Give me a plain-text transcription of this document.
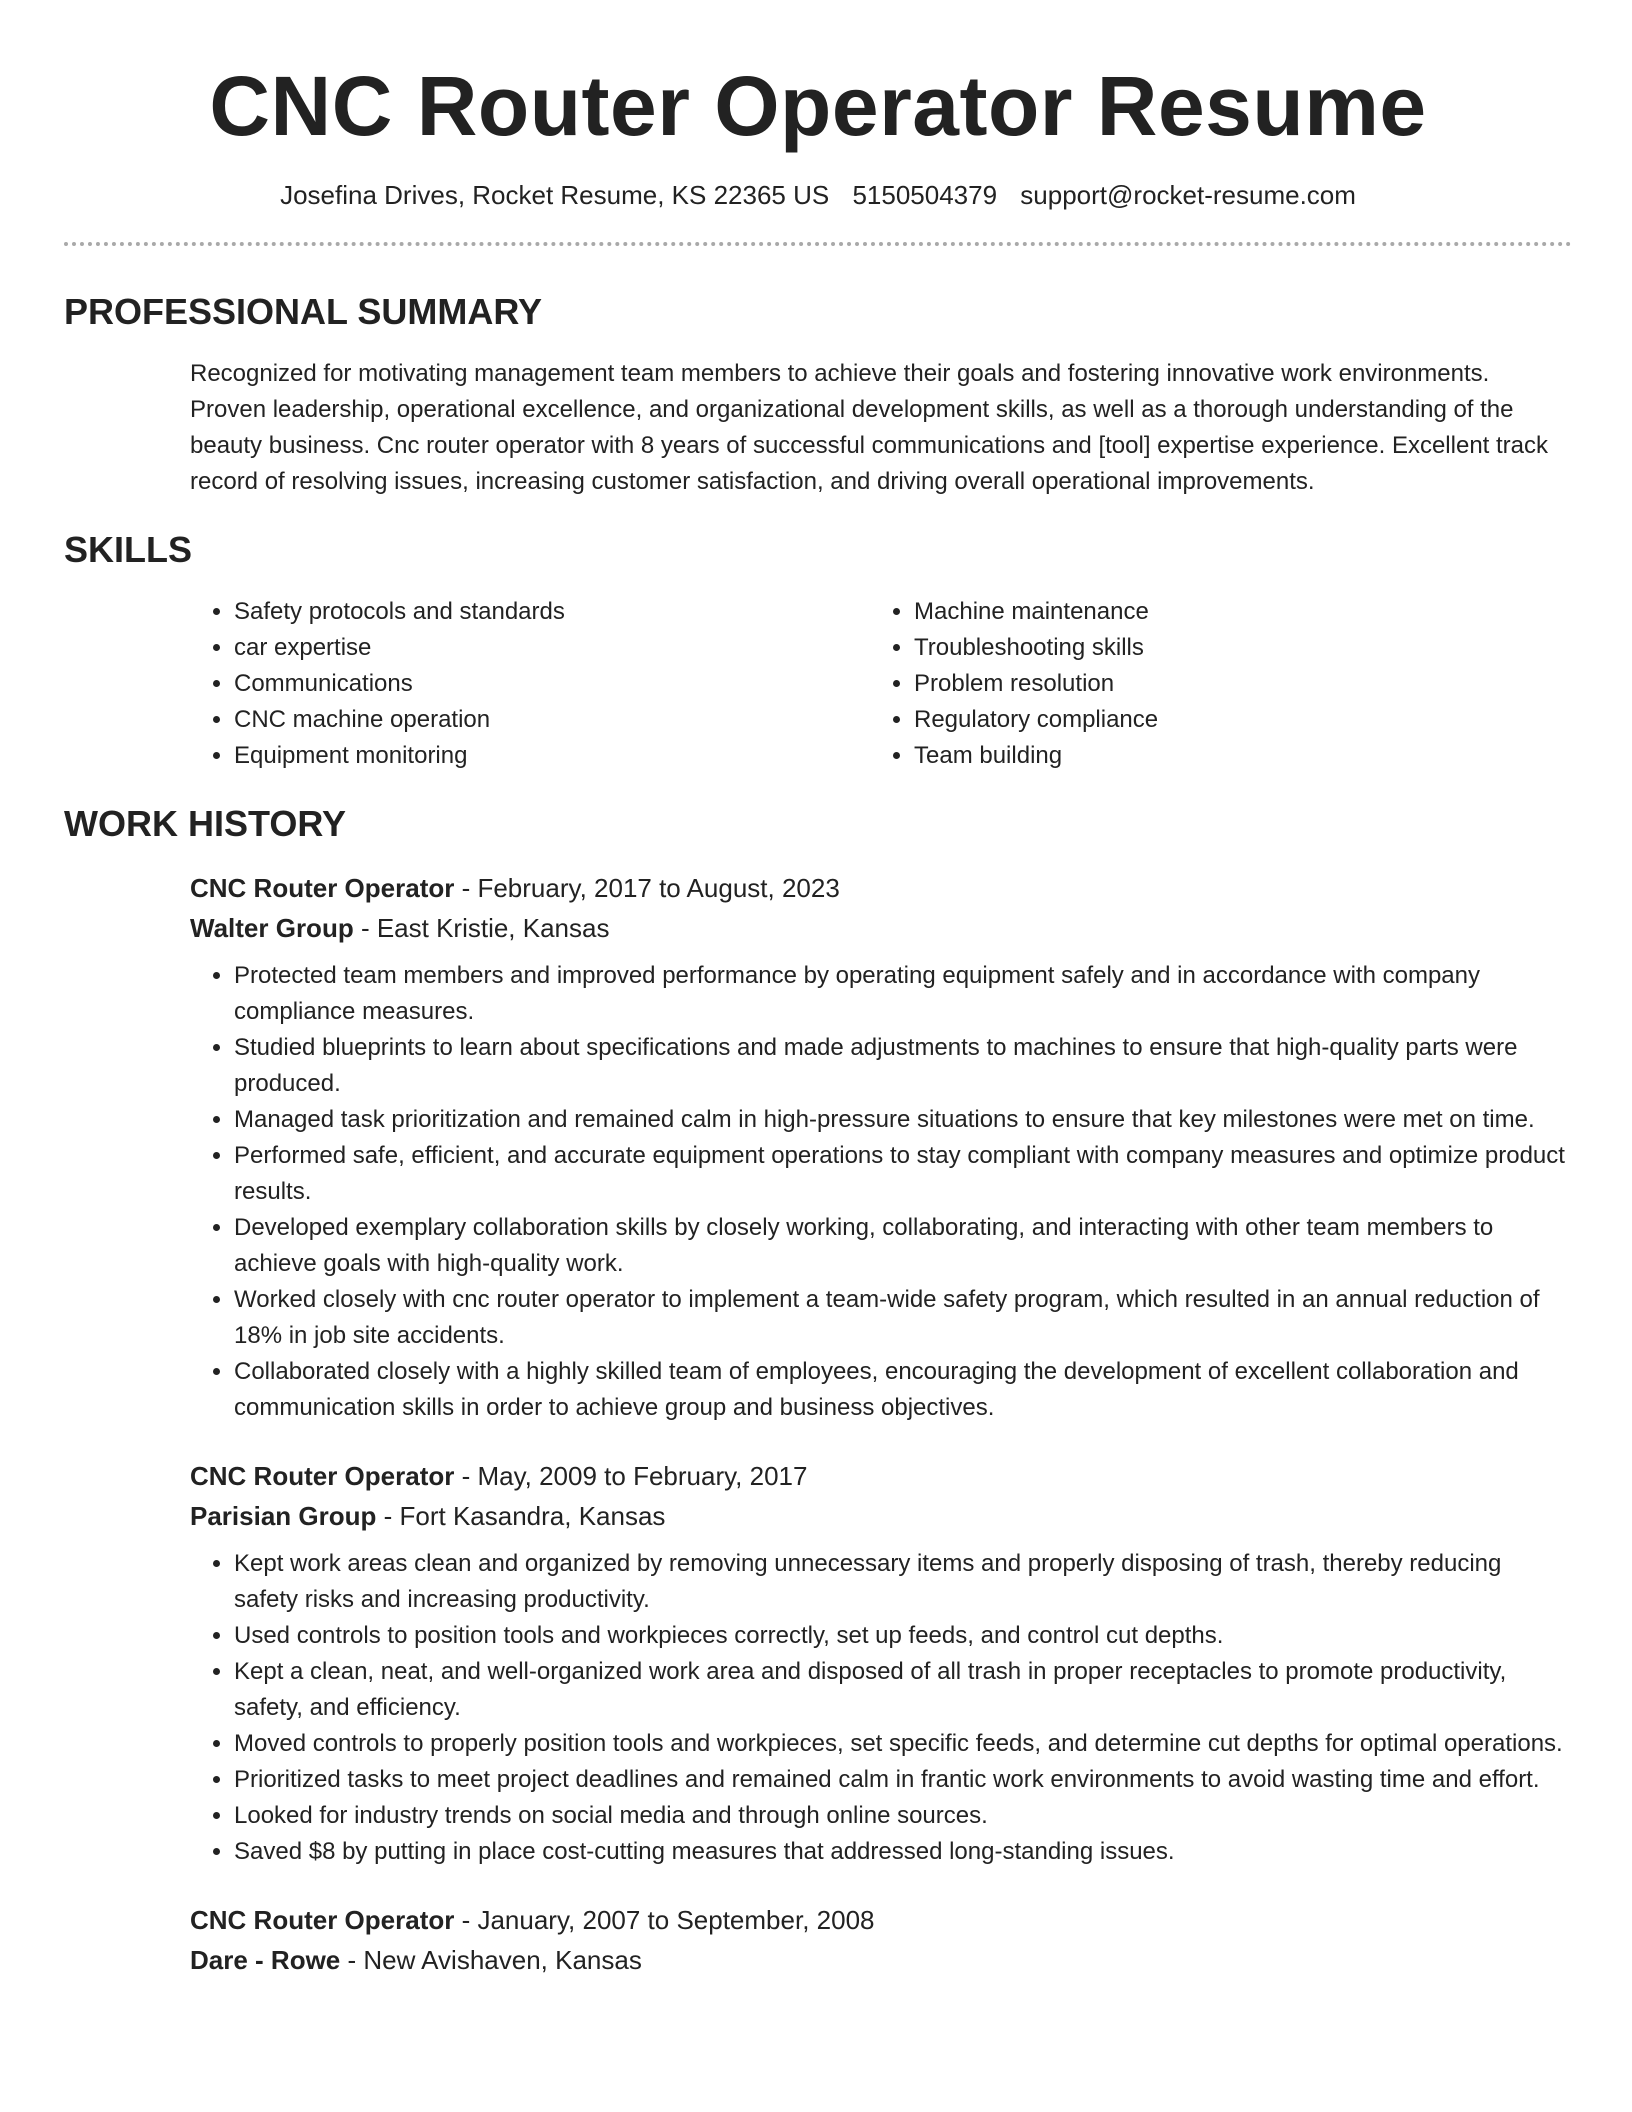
CNC Router Operator Resume
Josefina Drives, Rocket Resume, KS 22365 US 5150504379 support@rocket-resume.com
PROFESSIONAL SUMMARY

Recognized for motivating management team members to achieve their goals and fostering innovative work environments. Proven leadership, operational excellence, and organizational development skills, as well as a thorough understanding of the beauty business. Cnc router operator with 8 years of successful communications and [tool] expertise experience. Excellent track record of resolving issues, increasing customer satisfaction, and driving overall operational improvements.

SKILLS
• Safety protocols and standards
• car expertise
• Communications
• CNC machine operation
• Equipment monitoring
• Machine maintenance
• Troubleshooting skills
• Problem resolution
• Regulatory compliance
• Team building
WORK HISTORY
CNC Router Operator - February, 2017 to August, 2023
Walter Group - East Kristie, Kansas
• Protected team members and improved performance by operating equipment safely and in accordance with company compliance measures.
• Studied blueprints to learn about specifications and made adjustments to machines to ensure that high-quality parts were produced.
• Managed task prioritization and remained calm in high-pressure situations to ensure that key milestones were met on time.
• Performed safe, efficient, and accurate equipment operations to stay compliant with company measures and optimize product results.
• Developed exemplary collaboration skills by closely working, collaborating, and interacting with other team members to achieve goals with high-quality work.
• Worked closely with cnc router operator to implement a team-wide safety program, which resulted in an annual reduction of 18% in job site accidents.
• Collaborated closely with a highly skilled team of employees, encouraging the development of excellent collaboration and communication skills in order to achieve group and business objectives.
CNC Router Operator - May, 2009 to February, 2017
Parisian Group - Fort Kasandra, Kansas
• Kept work areas clean and organized by removing unnecessary items and properly disposing of trash, thereby reducing safety risks and increasing productivity.
• Used controls to position tools and workpieces correctly, set up feeds, and control cut depths.
• Kept a clean, neat, and well-organized work area and disposed of all trash in proper receptacles to promote productivity, safety, and efficiency.
• Moved controls to properly position tools and workpieces, set specific feeds, and determine cut depths for optimal operations.
• Prioritized tasks to meet project deadlines and remained calm in frantic work environments to avoid wasting time and effort.
• Looked for industry trends on social media and through online sources.
• Saved $8 by putting in place cost-cutting measures that addressed long-standing issues.
CNC Router Operator - January, 2007 to September, 2008
Dare - Rowe - New Avishaven, Kansas
